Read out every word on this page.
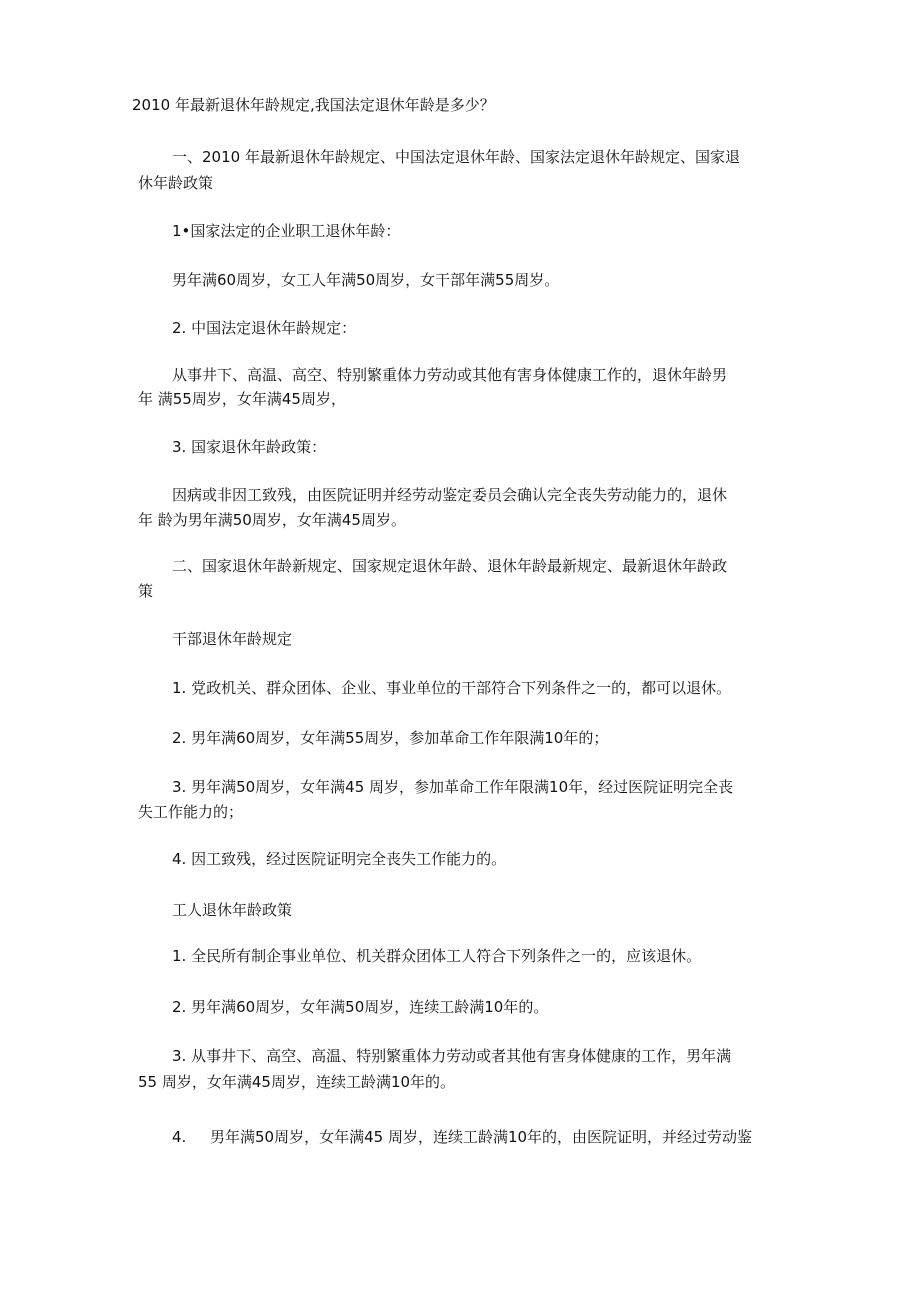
2010 年最新退休年龄规定,我国法定退休年龄是多少？

一、2010 年最新退休年龄规定、中国法定退休年龄、国家法定退休年龄规定、国家退

休年龄政策

1•国家法定的企业职工退休年龄：

男年满60周岁，女工人年满50周岁，女干部年满55周岁。

2. 中国法定退休年龄规定：

从事井下、高温、高空、特别繁重体力劳动或其他有害身体健康工作的，退休年龄男

年 满55周岁，女年满45周岁，

3. 国家退休年龄政策：

因病或非因工致残，由医院证明并经劳动鉴定委员会确认完全丧失劳动能力的，退休

年 龄为男年满50周岁，女年满45周岁。

二、国家退休年龄新规定、国家规定退休年龄、退休年龄最新规定、最新退休年龄政

策

干部退休年龄规定

1. 党政机关、群众团体、企业、事业单位的干部符合下列条件之一的，都可以退休。

2. 男年满60周岁，女年满55周岁，参加革命工作年限满10年的；

3. 男年满50周岁，女年满45 周岁，参加革命工作年限满10年，经过医院证明完全丧

失工作能力的；

4. 因工致残，经过医院证明完全丧失工作能力的。

工人退休年龄政策

1. 全民所有制企事业单位、机关群众团体工人符合下列条件之一的，应该退休。

2. 男年满60周岁，女年满50周岁，连续工龄满10年的。

3. 从事井下、高空、高温、特别繁重体力劳动或者其他有害身体健康的工作，男年满

55 周岁，女年满45周岁，连续工龄满10年的。

4. 男年满50周岁，女年满45 周岁，连续工龄满10年的，由医院证明，并经过劳动鉴
